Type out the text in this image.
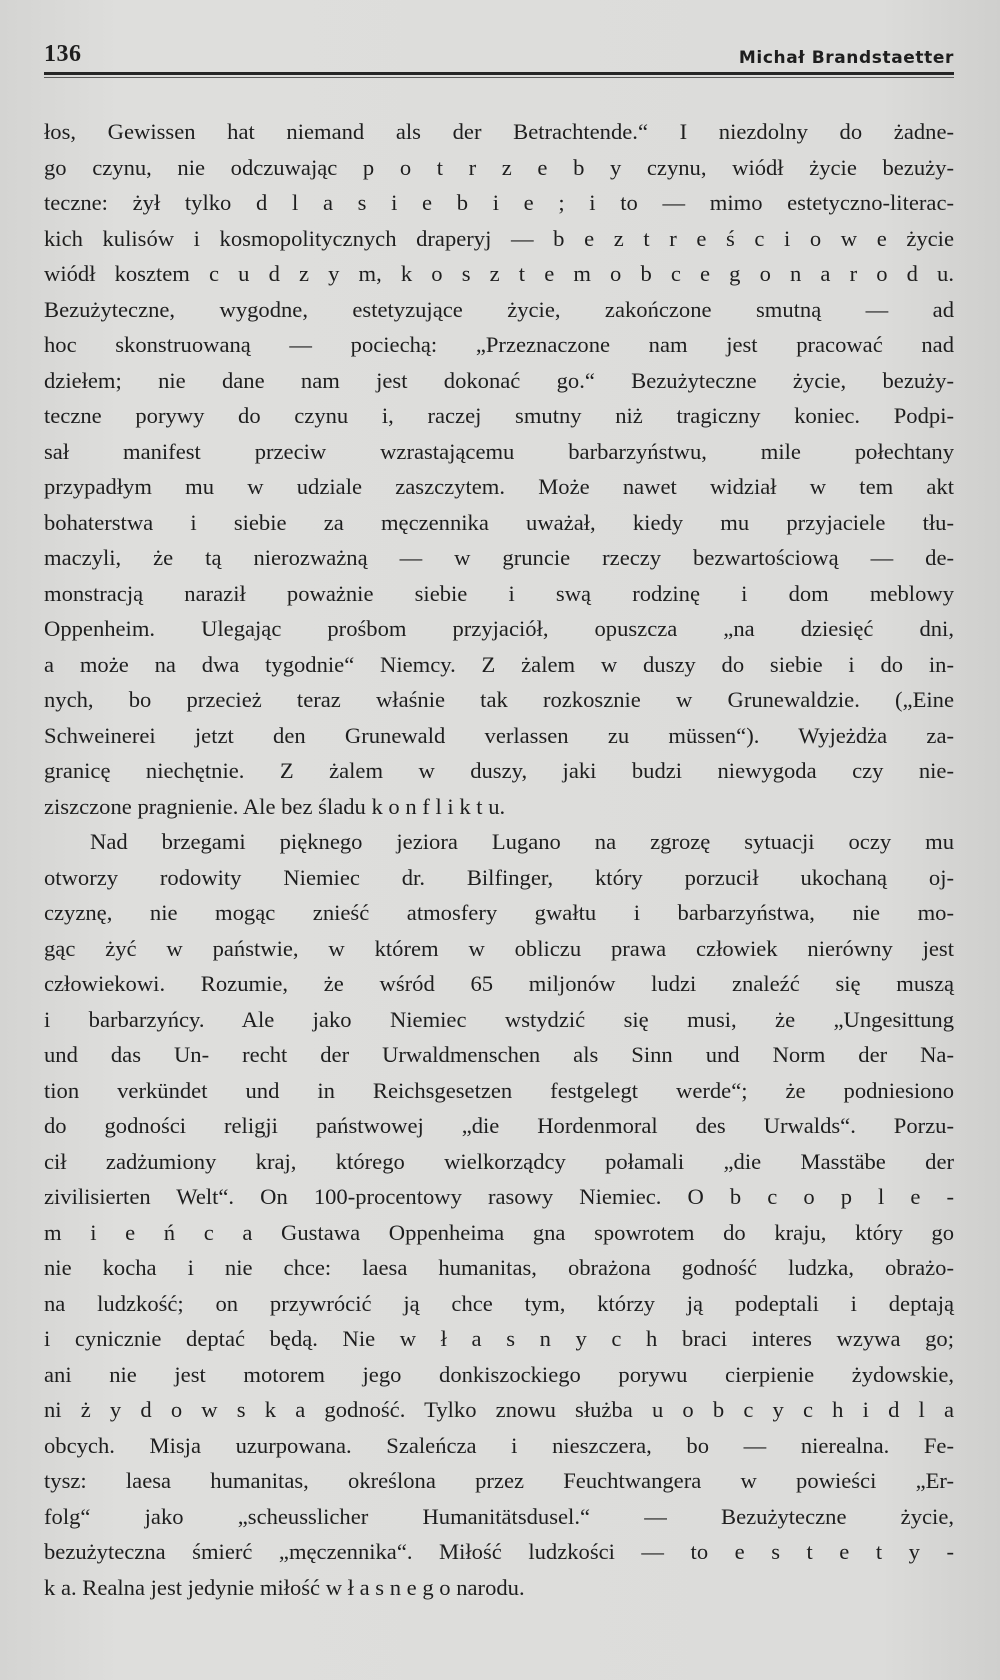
136	Michał Brandstaetter
łos, Gewissen hat niemand als der Betrachtende.“ I niezdolny do żadne-
go czynu, nie odczuwając p o t r z e b y czynu, wiódł życie bezuży-
teczne: żył tylko d l a s i e b i e ; i to — mimo estetyczno-literac-
kich kulisów i kosmopolitycznych draperyj — b e z t r e ś c i o w e życie
wiódł kosztem c u d z y m, k o s z t e m o b c e g o n a r o d u.
Bezużyteczne, wygodne, estetyzujące życie, zakończone smutną — ad
hoc skonstruowaną — pociechą: „Przeznaczone nam jest pracować nad
dziełem; nie dane nam jest dokonać go.“ Bezużyteczne życie, bezuży-
teczne porywy do czynu i, raczej smutny niż tragiczny koniec. Podpi-
sał manifest przeciw wzrastającemu barbarzyństwu, mile połechtany
przypadłym mu w udziale zaszczytem. Może nawet widział w tem akt
bohaterstwa i siebie za męczennika uważał, kiedy mu przyjaciele tłu-
maczyli, że tą nierozważną — w gruncie rzeczy bezwartościową — de-
monstracją naraził poważnie siebie i swą rodzinę i dom meblowy
Oppenheim. Ulegając prośbom przyjaciół, opuszcza „na dziesięć dni,
a może na dwa tygodnie“ Niemcy. Z żalem w duszy do siebie i do in-
nych, bo przecież teraz właśnie tak rozkosznie w Grunewaldzie. („Eine
Schweinerei jetzt den Grunewald verlassen zu müssen“). Wyjeżdża za-
granicę niechętnie. Z żalem w duszy, jaki budzi niewygoda czy nie-
ziszczone pragnienie. Ale bez śladu k o n f l i k t u.
Nad brzegami pięknego jeziora Lugano na zgrozę sytuacji oczy mu
otworzy rodowity Niemiec dr. Bilfinger, który porzucił ukochaną oj-
czyznę, nie mogąc znieść atmosfery gwałtu i barbarzyństwa, nie mo-
gąc żyć w państwie, w którem w obliczu prawa człowiek nierówny jest
człowiekowi. Rozumie, że wśród 65 miljonów ludzi znaleźć się muszą
i barbarzyńcy. Ale jako Niemiec wstydzić się musi, że „Ungesittung
und das Un- recht der Urwaldmenschen als Sinn und Norm der Na-
tion verkündet und in Reichsgesetzen festgelegt werde“; że podniesiono
do godności religji państwowej „die Hordenmoral des Urwalds“. Porzu-
cił zadżumiony kraj, którego wielkorządcy połamali „die Masstäbe der
zivilisierten Welt“. On 100-procentowy rasowy Niemiec. O b c o p l e -
m i e ń c a Gustawa Oppenheima gna spowrotem do kraju, który go
nie kocha i nie chce: laesa humanitas, obrażona godność ludzka, obrażo-
na ludzkość; on przywrócić ją chce tym, którzy ją podeptali i deptają
i cynicznie deptać będą. Nie w ł a s n y c h braci interes wzywa go;
ani nie jest motorem jego donkiszockiego porywu cierpienie żydowskie,
ni ż y d o w s k a godność. Tylko znowu służba u o b c y c h i d l a
obcych. Misja uzurpowana. Szaleńcza i nieszczera, bo — nierealna. Fe-
tysz: laesa humanitas, określona przez Feuchtwangera w powieści „Er-
folg“ jako „scheusslicher Humanitätsdusel.“ — Bezużyteczne życie,
bezużyteczna śmierć „męczennika“. Miłość ludzkości — to e s t e t y -
k a. Realna jest jedynie miłość w ł a s n e g o narodu.
